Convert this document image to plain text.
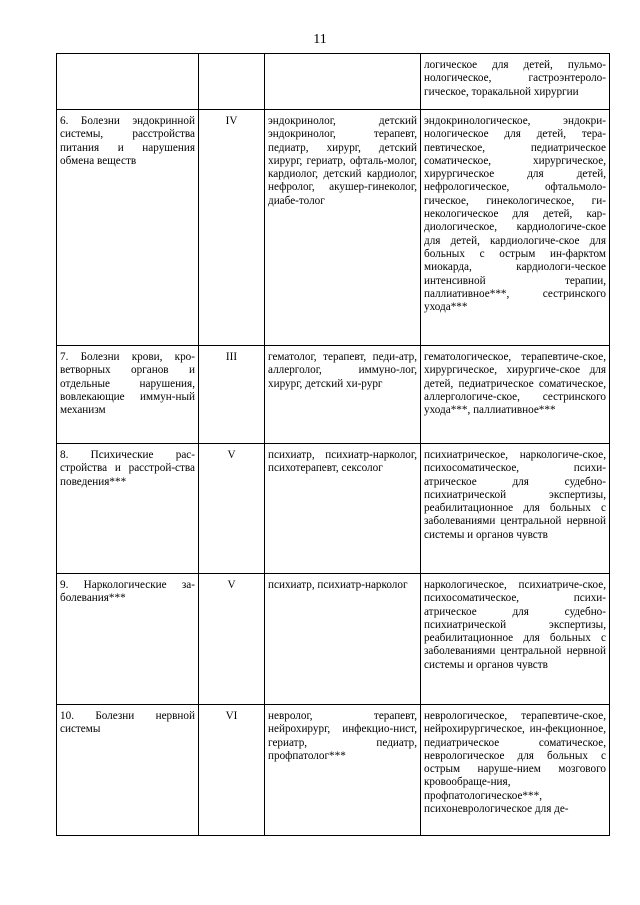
11
			логическое для детей, пульмо-нологическое, гастроэнтероло-гическое, торакальной хирургии
6. Болезни эндокринной системы, расстройства питания и нарушения обмена веществ	IV	эндокринолог, детский эндокринолог, терапевт, педиатр, хирург, детский хирург, гериатр, офталь-молог, кардиолог, детский кардиолог, нефролог, акушер-гинеколог, диабе-толог	эндокринологическое, эндокри-нологическое для детей, тера-певтическое, педиатрическое соматическое, хирургическое, хирургическое для детей, нефрологическое, офтальмоло-гическое, гинекологическое, ги-некологическое для детей, кар-диологическое, кардиологиче-ское для детей, кардиологиче-ское для больных с острым ин-фарктом миокарда, кардиологи-ческое интенсивной терапии, паллиативное***, сестринского ухода***
7. Болезни крови, кро-ветворных органов и отдельные нарушения, вовлекающие иммун-ный механизм	III	гематолог, терапевт, педи-атр, аллерголог, иммуно-лог, хирург, детский хи-рург	гематологическое, терапевтиче-ское, хирургическое, хирургиче-ское для детей, педиатрическое соматическое, аллергологиче-ское, сестринского ухода***, паллиативное***
8. Психические рас-стройства и расстрой-ства поведения***	V	психиатр, психиатр-нарколог, психотерапевт, сексолог	психиатрическое, наркологиче-ское, психосоматическое, психи-атрическое для судебно-психиатрической экспертизы, реабилитационное для больных с заболеваниями центральной нервной системы и органов чувств
9. Наркологические за-болевания***	V	психиатр, психиатр-нарколог	наркологическое, психиатриче-ское, психосоматическое, психи-атрическое для судебно-психиатрической экспертизы, реабилитационное для больных с заболеваниями центральной нервной системы и органов чувств
10. Болезни нервной системы	VI	невролог, терапевт, нейрохирург, инфекцио-нист, гериатр, педиатр, профпатолог***	неврологическое, терапевтиче-ское, нейрохирургическое, ин-фекционное, педиатрическое соматическое, неврологическое для больных с острым наруше-нием мозгового кровообраще-ния, профпатологическое***, психоневрологическое для де-
